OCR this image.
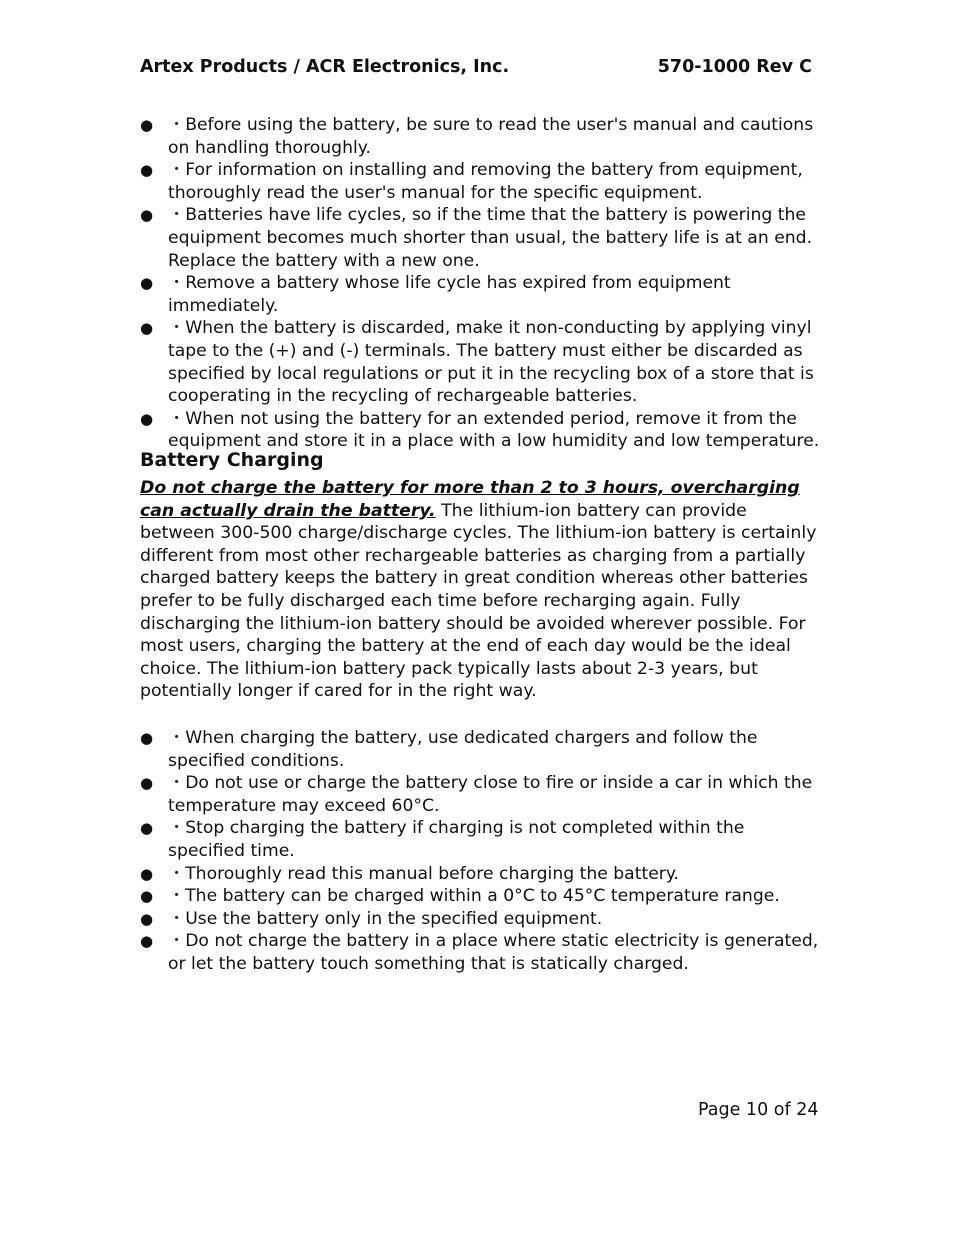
Artex Products / ACR Electronics, Inc.	570-1000 Rev C
● ・Before using the battery, be sure to read the user's manual and cautions on handling thoroughly.
● ・For information on installing and removing the battery from equipment, thoroughly read the user's manual for the specific equipment.
● ・Batteries have life cycles, so if the time that the battery is powering the equipment becomes much shorter than usual, the battery life is at an end. Replace the battery with a new one.
● ・Remove a battery whose life cycle has expired from equipment immediately.
● ・When the battery is discarded, make it non-conducting by applying vinyl tape to the (+) and (-) terminals. The battery must either be discarded as specified by local regulations or put it in the recycling box of a store that is cooperating in the recycling of rechargeable batteries.
● ・When not using the battery for an extended period, remove it from the equipment and store it in a place with a low humidity and low temperature.
Battery Charging

Do not charge the battery for more than 2 to 3 hours, overcharging can actually drain the battery. The lithium-ion battery can provide between 300-500 charge/discharge cycles. The lithium-ion battery is certainly different from most other rechargeable batteries as charging from a partially charged battery keeps the battery in great condition whereas other batteries prefer to be fully discharged each time before recharging again. Fully discharging the lithium-ion battery should be avoided wherever possible. For most users, charging the battery at the end of each day would be the ideal choice. The lithium-ion battery pack typically lasts about 2-3 years, but potentially longer if cared for in the right way.

● ・When charging the battery, use dedicated chargers and follow the specified conditions.
● ・Do not use or charge the battery close to fire or inside a car in which the temperature may exceed 60°C.
● ・Stop charging the battery if charging is not completed within the specified time.
● ・Thoroughly read this manual before charging the battery.
● ・The battery can be charged within a 0°C to 45°C temperature range.
● ・Use the battery only in the specified equipment.
● ・Do not charge the battery in a place where static electricity is generated, or let the battery touch something that is statically charged.
Page 10 of 24
